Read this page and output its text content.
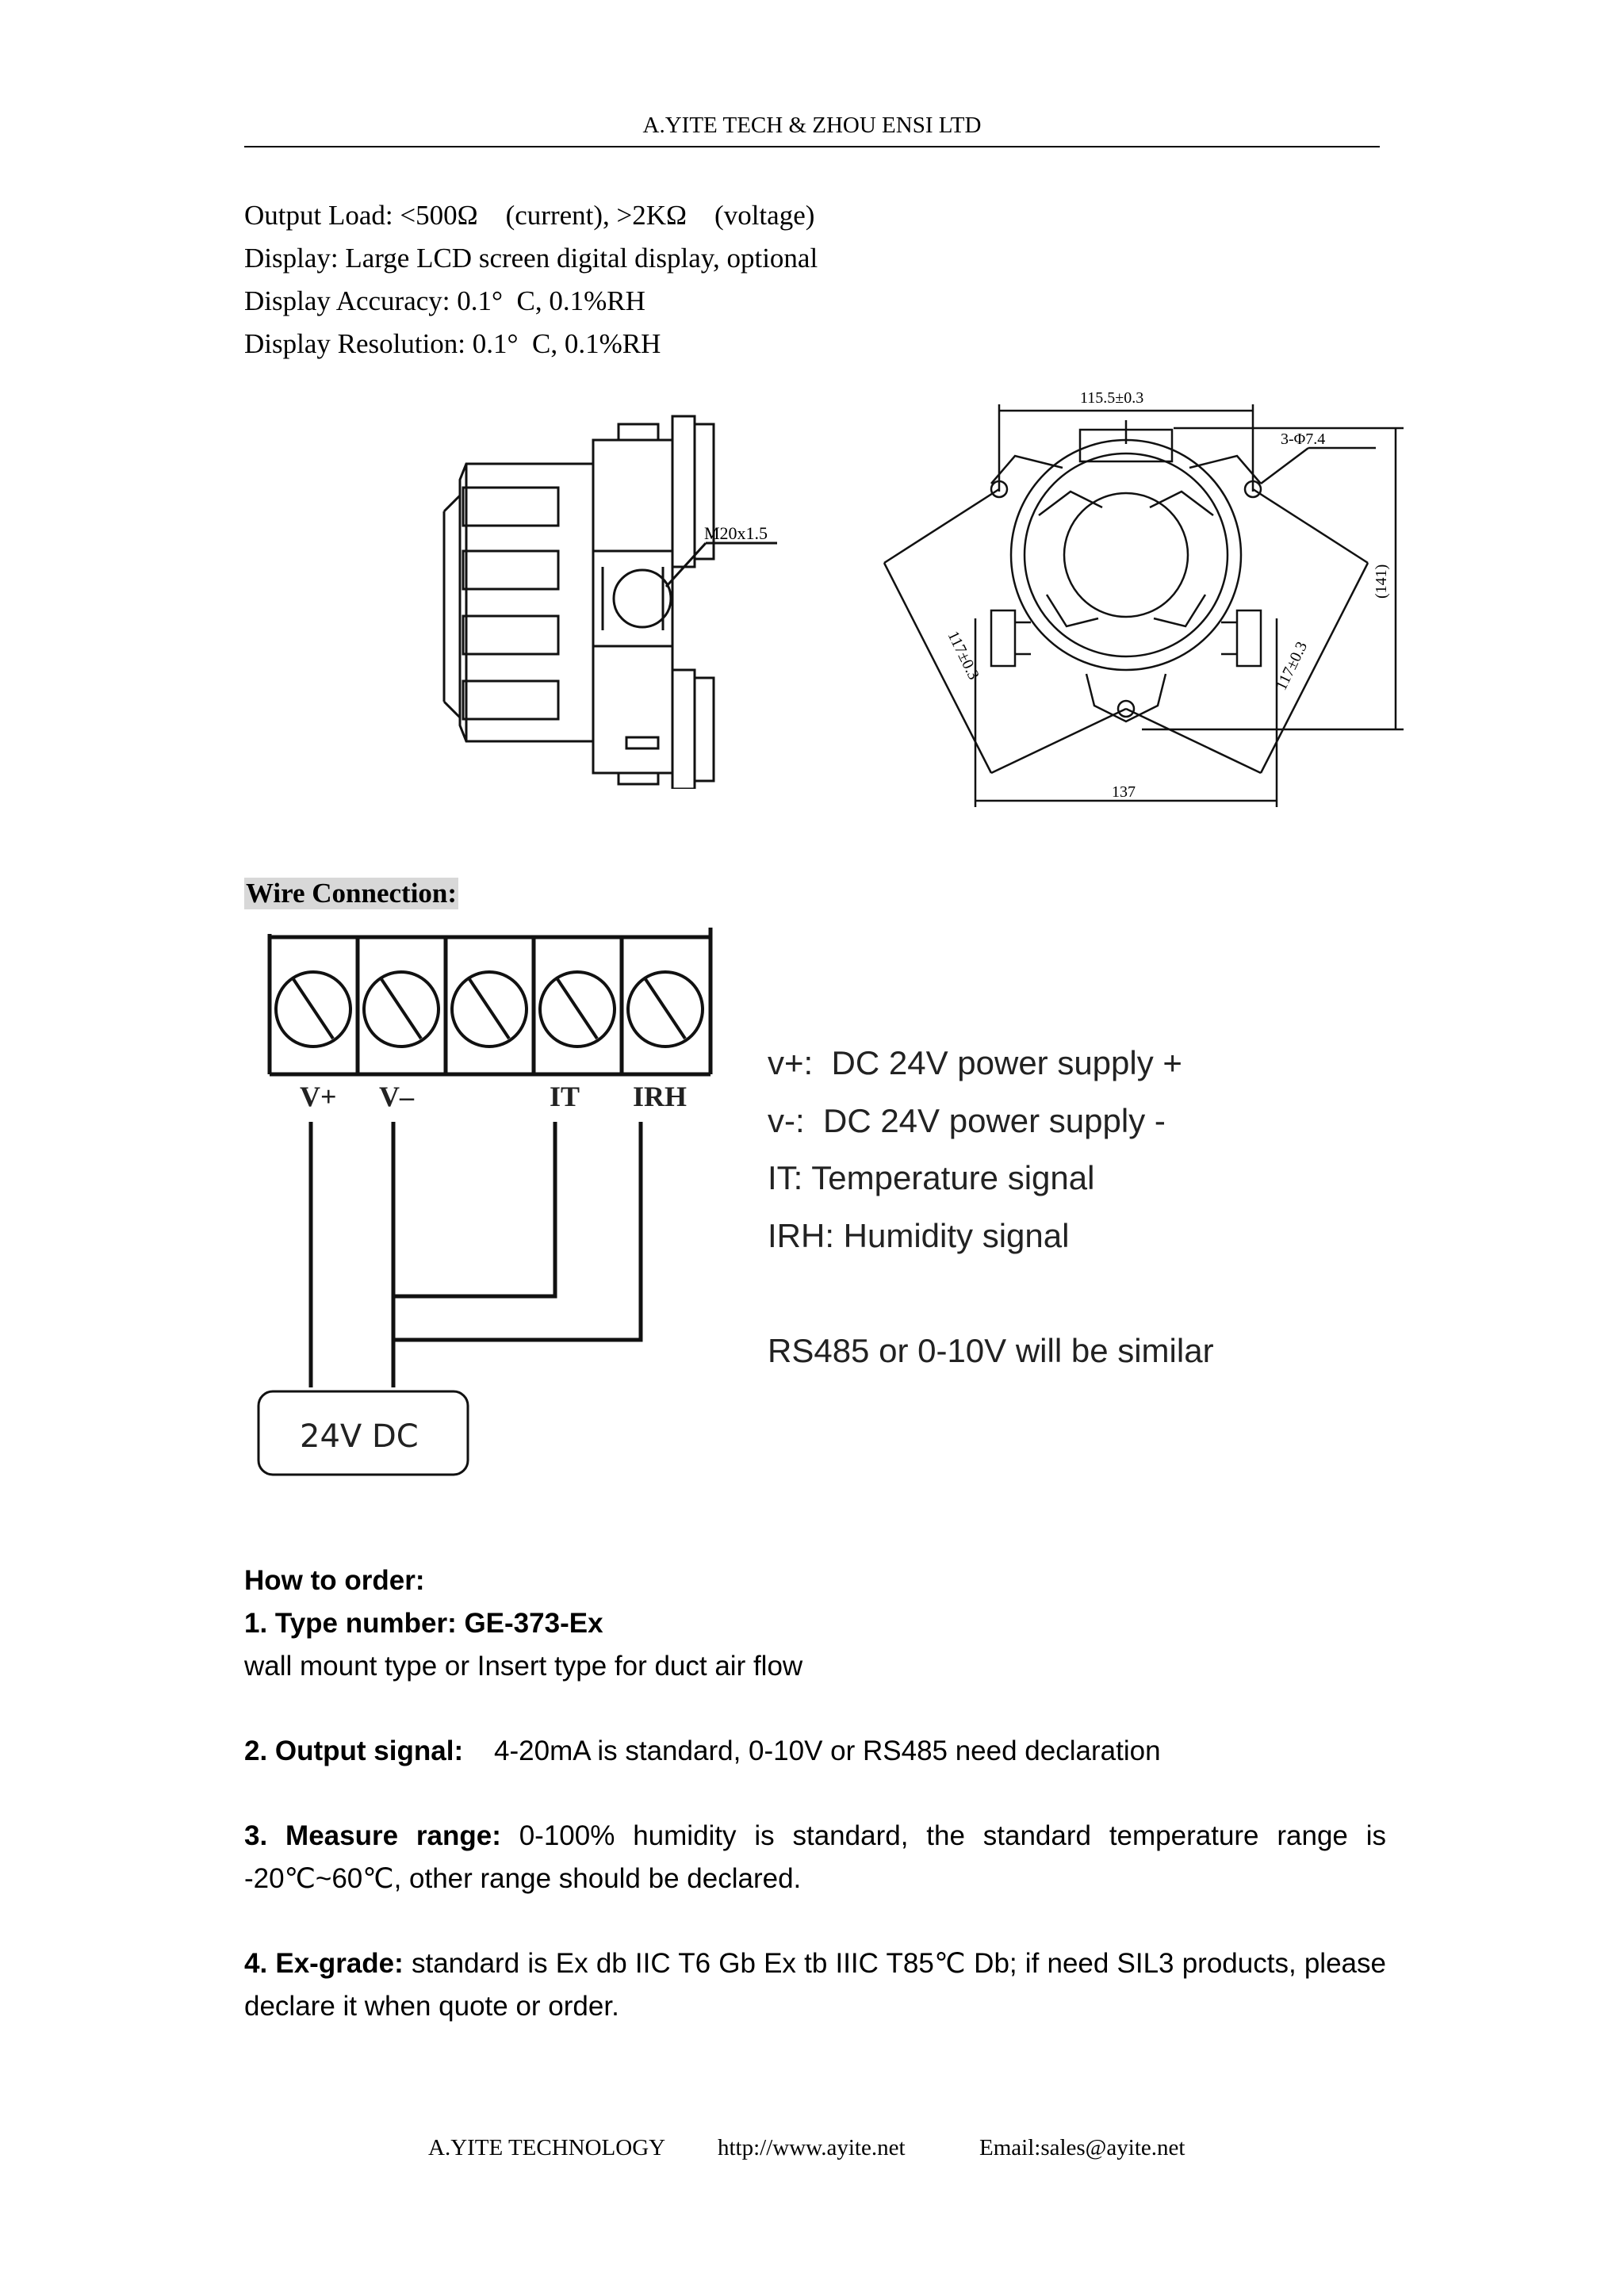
A.YITE TECH & ZHOU ENSI LTD
Output Load: <500Ω    (current), >2KΩ    (voltage)
Display: Large LCD screen digital display, optional
Display Accuracy: 0.1°  C, 0.1%RH
Display Resolution: 0.1°  C, 0.1%RH
M20x1.5
115.5±0.3
3-Φ7.4
(141)
117±0.3	117±0.3
137
Wire Connection:
V+ V–	IT IRH
24V DC
v+:  DC 24V power supply +
v-:  DC 24V power supply -
IT: Temperature signal
IRH: Humidity signal
RS485 or 0-10V will be similar
How to order:
1. Type number: GE-373-Ex
wall mount type or Insert type for duct air flow
2. Output signal: 4-20mA is standard, 0-10V or RS485 need declaration
3. Measure range: 0-100% humidity is standard, the standard temperature range is -20℃~60℃, other range should be declared.
4. Ex-grade: standard is Ex db IIC T6 Gb Ex tb IIIC T85℃ Db; if need SIL3 products, please declare it when quote or order.
A.YITE TECHNOLOGY http://www.ayite.net	Email:sales@ayite.net
